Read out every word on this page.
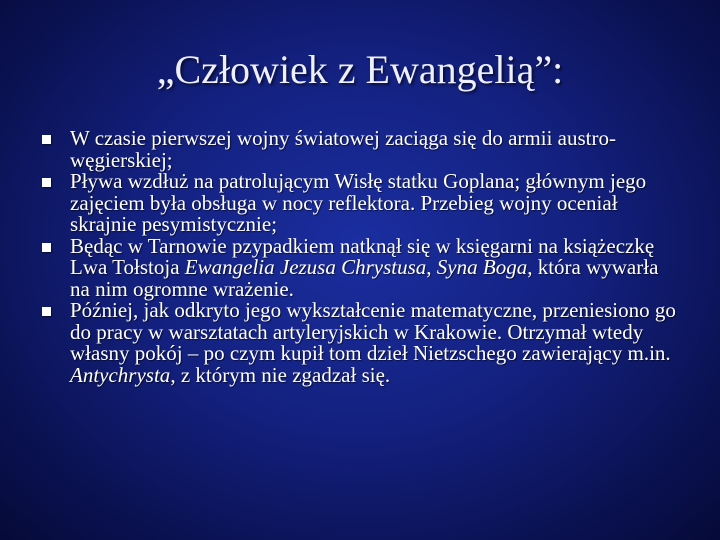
„Człowiek z Ewangelią”:
W czasie pierwszej wojny światowej zaciąga się do armii austro-węgierskiej;
Pływa wzdłuż na patrolującym Wisłę statku Goplana; głównym jego zajęciem była obsługa w nocy reflektora. Przebieg wojny oceniał skrajnie pesymistycznie;
Będąc w Tarnowie pzypadkiem natknął się w księgarni na książeczkę Lwa Tołstoja Ewangelia Jezusa Chrystusa, Syna Boga, która wywarła na nim ogromne wrażenie.
Później, jak odkryto jego wykształcenie matematyczne, przeniesiono go do pracy w warsztatach artyleryjskich w Krakowie. Otrzymał wtedy własny pokój – po czym kupił tom dzieł Nietzschego zawierający m.in. Antychrysta, z którym nie zgadzał się.
